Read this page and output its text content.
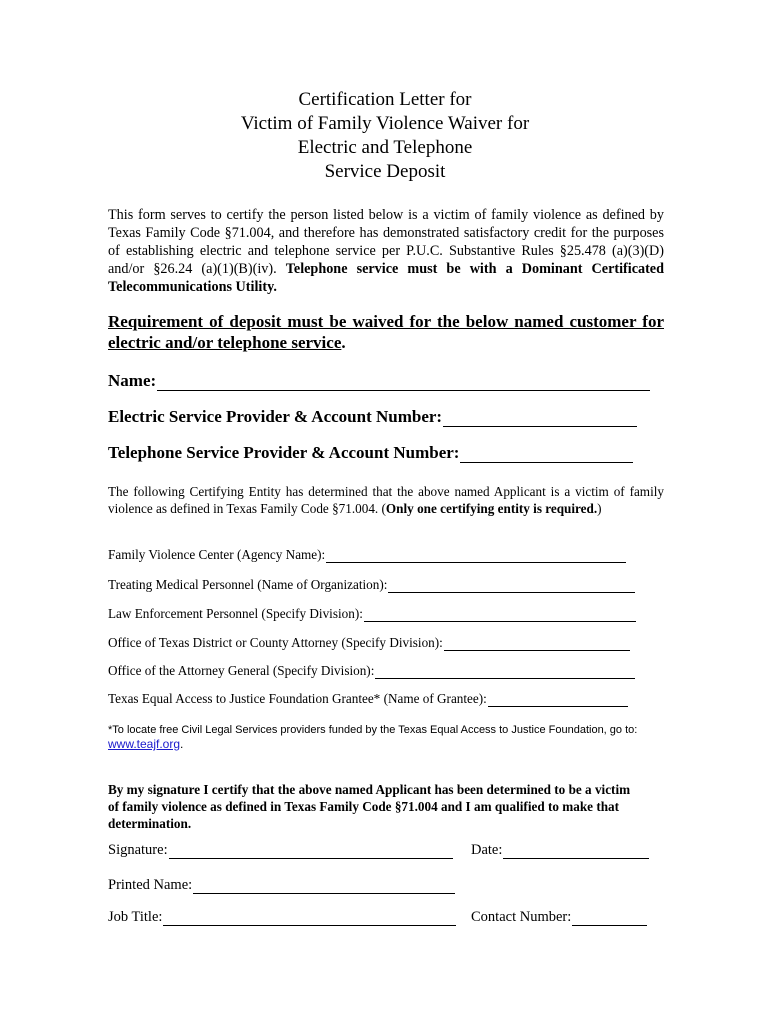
Certification Letter for
Victim of Family Violence Waiver for
Electric and Telephone
Service Deposit
This form serves to certify the person listed below is a victim of family violence as defined by Texas Family Code §71.004, and therefore has demonstrated satisfactory credit for the purposes of establishing electric and telephone service per P.U.C. Substantive Rules §25.478 (a)(3)(D) and/or §26.24 (a)(1)(B)(iv). Telephone service must be with a Dominant Certificated Telecommunications Utility.
Requirement of deposit must be waived for the below named customer for electric and/or telephone service.
Name:
Electric Service Provider & Account Number:
Telephone Service Provider & Account Number:
The following Certifying Entity has determined that the above named Applicant is a victim of family violence as defined in Texas Family Code §71.004. (Only one certifying entity is required.)
Family Violence Center (Agency Name):
Treating Medical Personnel (Name of Organization):
Law Enforcement Personnel (Specify Division):
Office of Texas District or County Attorney (Specify Division):
Office of the Attorney General (Specify Division):
Texas Equal Access to Justice Foundation Grantee* (Name of Grantee):
*To locate free Civil Legal Services providers funded by the Texas Equal Access to Justice Foundation, go to:
www.teajf.org.
By my signature I certify that the above named Applicant has been determined to be a victim of family violence as defined in Texas Family Code §71.004 and I am qualified to make that determination.
Signature:	Date:
Printed Name:
Job Title:	Contact Number:
